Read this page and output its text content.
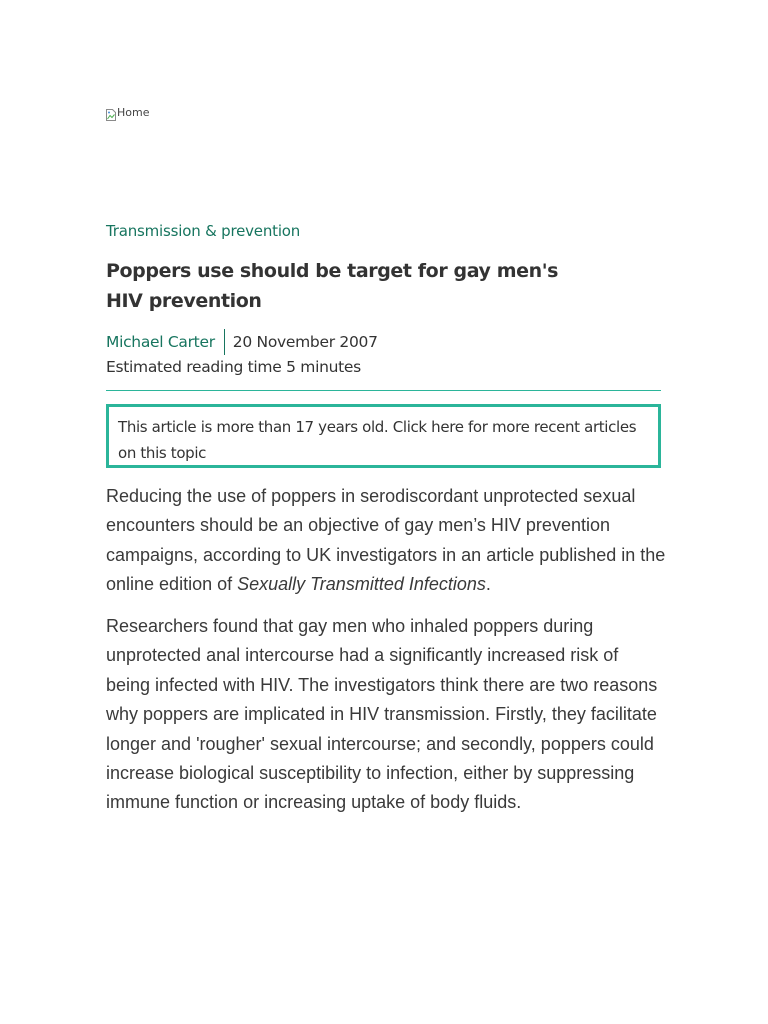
Home
Transmission & prevention
Poppers use should be target for gay men's HIV prevention
Michael Carter	20 November 2007
Estimated reading time 5 minutes
This article is more than 17 years old. Click here for more recent articles on this topic

Reducing the use of poppers in serodiscordant unprotected sexual encounters should be an objective of gay men’s HIV prevention campaigns, according to UK investigators in an article published in the online edition of Sexually Transmitted Infections.

Researchers found that gay men who inhaled poppers during unprotected anal intercourse had a significantly increased risk of being infected with HIV. The investigators think there are two reasons why poppers are implicated in HIV transmission. Firstly, they facilitate longer and 'rougher' sexual intercourse; and secondly, poppers could increase biological susceptibility to infection, either by suppressing immune function or increasing uptake of body fluids.
